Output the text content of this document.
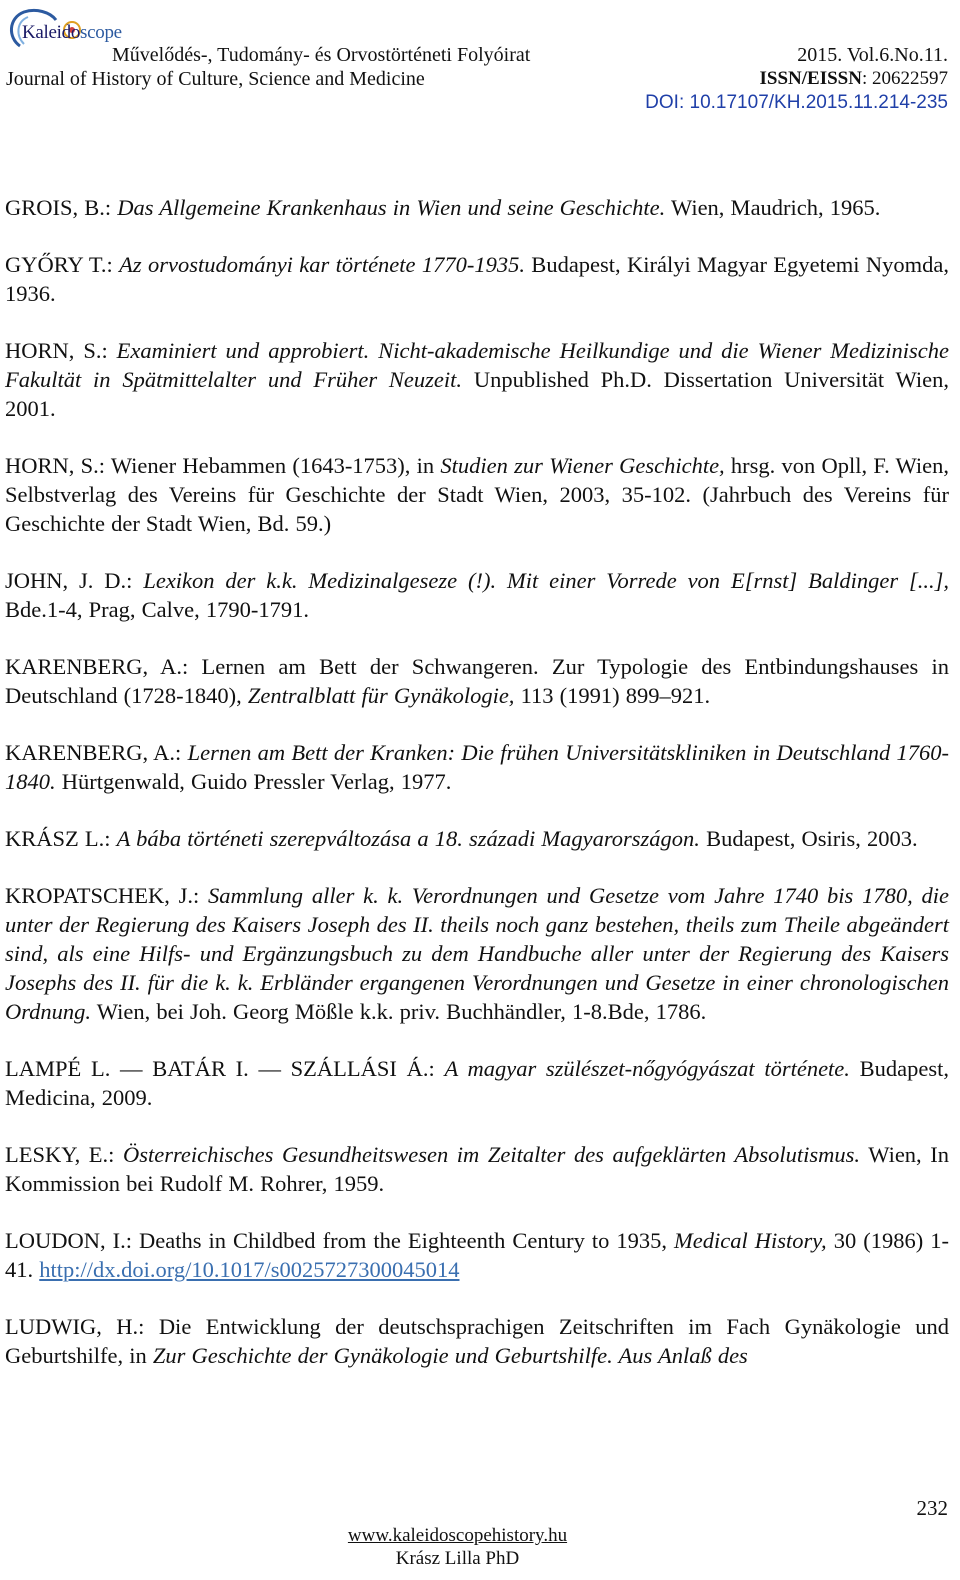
Kaleidoscope
Művelődés-, Tudomány- és Orvostörténeti Folyóirat
Journal of History of Culture, Science and Medicine
2015. Vol.6.No.11.
ISSN/EISSN: 20622597
DOI: 10.17107/KH.2015.11.214-235

GROIS, B.: Das Allgemeine Krankenhaus in Wien und seine Geschichte. Wien, Maudrich, 1965.

GYŐRY T.: Az orvostudományi kar története 1770-1935. Budapest, Királyi Magyar Egyetemi Nyomda, 1936.

HORN, S.: Examiniert und approbiert. Nicht-akademische Heilkundige und die Wiener Medizinische Fakultät in Spätmittelalter und Früher Neuzeit. Unpublished Ph.D. Dissertation Universität Wien, 2001.

HORN, S.: Wiener Hebammen (1643-1753), in Studien zur Wiener Geschichte, hrsg. von Opll, F. Wien, Selbstverlag des Vereins für Geschichte der Stadt Wien, 2003, 35-102. (Jahrbuch des Vereins für Geschichte der Stadt Wien, Bd. 59.)

JOHN, J. D.: Lexikon der k.k. Medizinalgeseze (!). Mit einer Vorrede von E[rnst] Baldinger [...], Bde.1-4, Prag, Calve, 1790-1791.

KARENBERG, A.: Lernen am Bett der Schwangeren. Zur Typologie des Entbindungshauses in Deutschland (1728-1840), Zentralblatt für Gynäkologie, 113 (1991) 899–921.

KARENBERG, A.: Lernen am Bett der Kranken: Die frühen Universitätskliniken in Deutschland 1760-1840. Hürtgenwald, Guido Pressler Verlag, 1977.

KRÁSZ L.: A bába történeti szerepváltozása a 18. századi Magyarországon. Budapest, Osiris, 2003.

KROPATSCHEK, J.: Sammlung aller k. k. Verordnungen und Gesetze vom Jahre 1740 bis 1780, die unter der Regierung des Kaisers Joseph des II. theils noch ganz bestehen, theils zum Theile abgeändert sind, als eine Hilfs- und Ergänzungsbuch zu dem Handbuche aller unter der Regierung des Kaisers Josephs des II. für die k. k. Erbländer ergangenen Verordnungen und Gesetze in einer chronologischen Ordnung. Wien, bei Joh. Georg Mößle k.k. priv. Buchhändler, 1-8.Bde, 1786.

LAMPÉ L. — BATÁR I. — SZÁLLÁSI Á.: A magyar szülészet-nőgyógyászat története. Budapest, Medicina, 2009.

LESKY, E.: Österreichisches Gesundheitswesen im Zeitalter des aufgeklärten Absolutismus. Wien, In Kommission bei Rudolf M. Rohrer, 1959.

LOUDON, I.: Deaths in Childbed from the Eighteenth Century to 1935, Medical History, 30 (1986) 1-41. http://dx.doi.org/10.1017/s0025727300045014

LUDWIG, H.: Die Entwicklung der deutschsprachigen Zeitschriften im Fach Gynäkologie und Geburtshilfe, in Zur Geschichte der Gynäkologie und Geburtshilfe. Aus Anlaß des

232
www.kaleidoscopehistory.hu
Krász Lilla PhD
